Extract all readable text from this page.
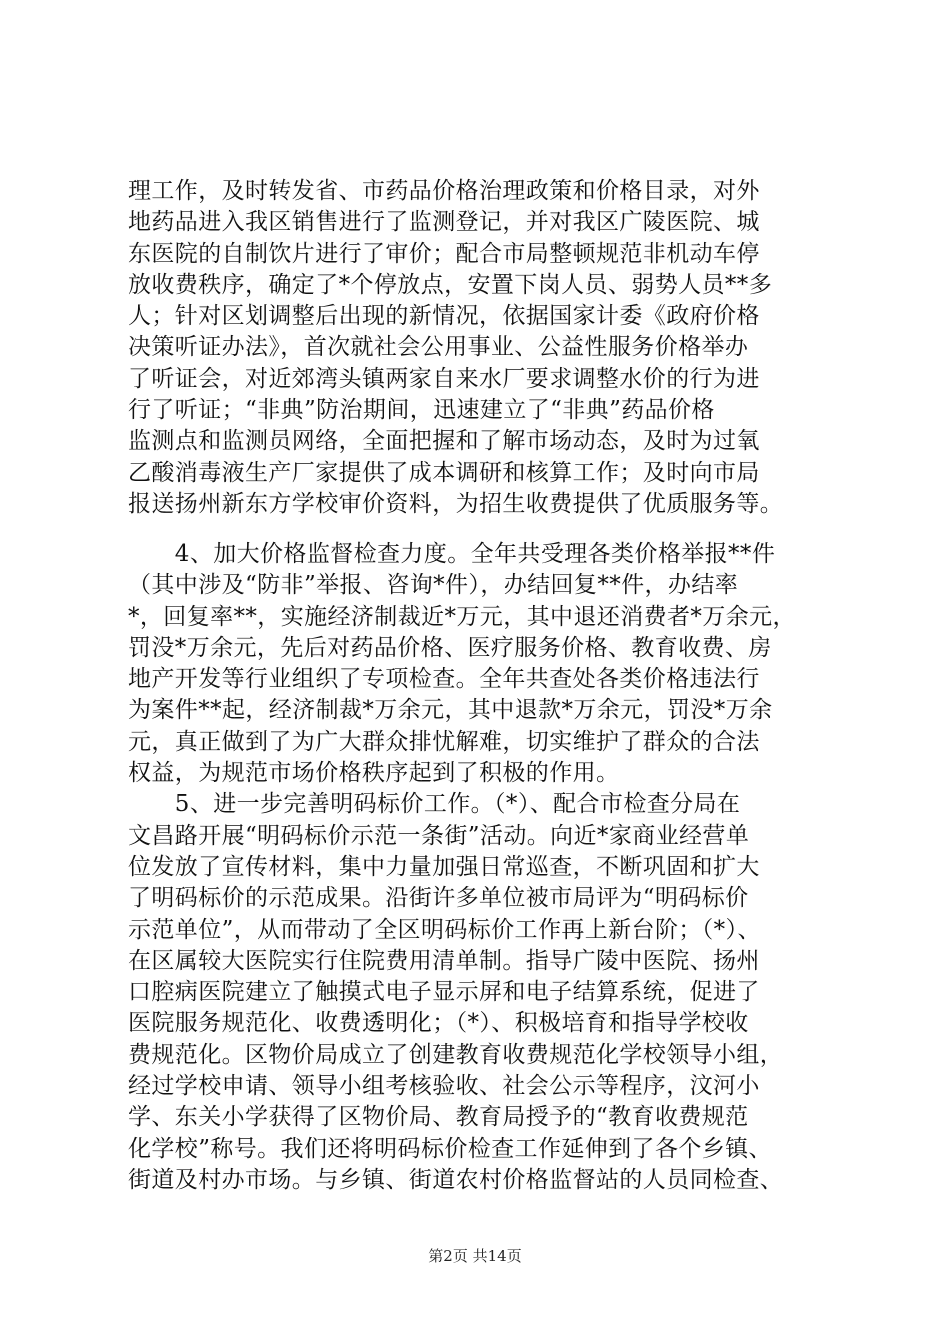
理工作，及时转发省、市药品价格治理政策和价格目录，对外
地药品进入我区销售进行了监测登记，并对我区广陵医院、城
东医院的自制饮片进行了审价；配合市局整顿规范非机动车停
放收费秩序，确定了*个停放点，安置下岗人员、弱势人员**多
人；针对区划调整后出现的新情况，依据国家计委《政府价格
决策听证办法》，首次就社会公用事业、公益性服务价格举办
了听证会，对近郊湾头镇两家自来水厂要求调整水价的行为进
行了听证；“非典”防治期间，迅速建立了“非典”药品价格
监测点和监测员网络，全面把握和了解市场动态，及时为过氧
乙酸消毒液生产厂家提供了成本调研和核算工作；及时向市局
报送扬州新东方学校审价资料，为招生收费提供了优质服务等。
　　4、加大价格监督检查力度。全年共受理各类价格举报**件
（其中涉及“防非”举报、咨询*件），办结回复**件，办结率
*，回复率**，实施经济制裁近*万元，其中退还消费者*万余元，
罚没*万余元，先后对药品价格、医疗服务价格、教育收费、房
地产开发等行业组织了专项检查。全年共查处各类价格违法行
为案件**起，经济制裁*万余元，其中退款*万余元，罚没*万余
元，真正做到了为广大群众排忧解难，切实维护了群众的合法
权益，为规范市场价格秩序起到了积极的作用。
　　5、进一步完善明码标价工作。（*）、配合市检查分局在
文昌路开展“明码标价示范一条街”活动。向近*家商业经营单
位发放了宣传材料，集中力量加强日常巡查，不断巩固和扩大
了明码标价的示范成果。沿街许多单位被市局评为“明码标价
示范单位”，从而带动了全区明码标价工作再上新台阶；（*）、
在区属较大医院实行住院费用清单制。指导广陵中医院、扬州
口腔病医院建立了触摸式电子显示屏和电子结算系统，促进了
医院服务规范化、收费透明化；（*）、积极培育和指导学校收
费规范化。区物价局成立了创建教育收费规范化学校领导小组，
经过学校申请、领导小组考核验收、社会公示等程序，汶河小
学、东关小学获得了区物价局、教育局授予的“教育收费规范
化学校”称号。我们还将明码标价检查工作延伸到了各个乡镇、
街道及村办市场。与乡镇、街道农村价格监督站的人员同检查、
第2页 共14页
